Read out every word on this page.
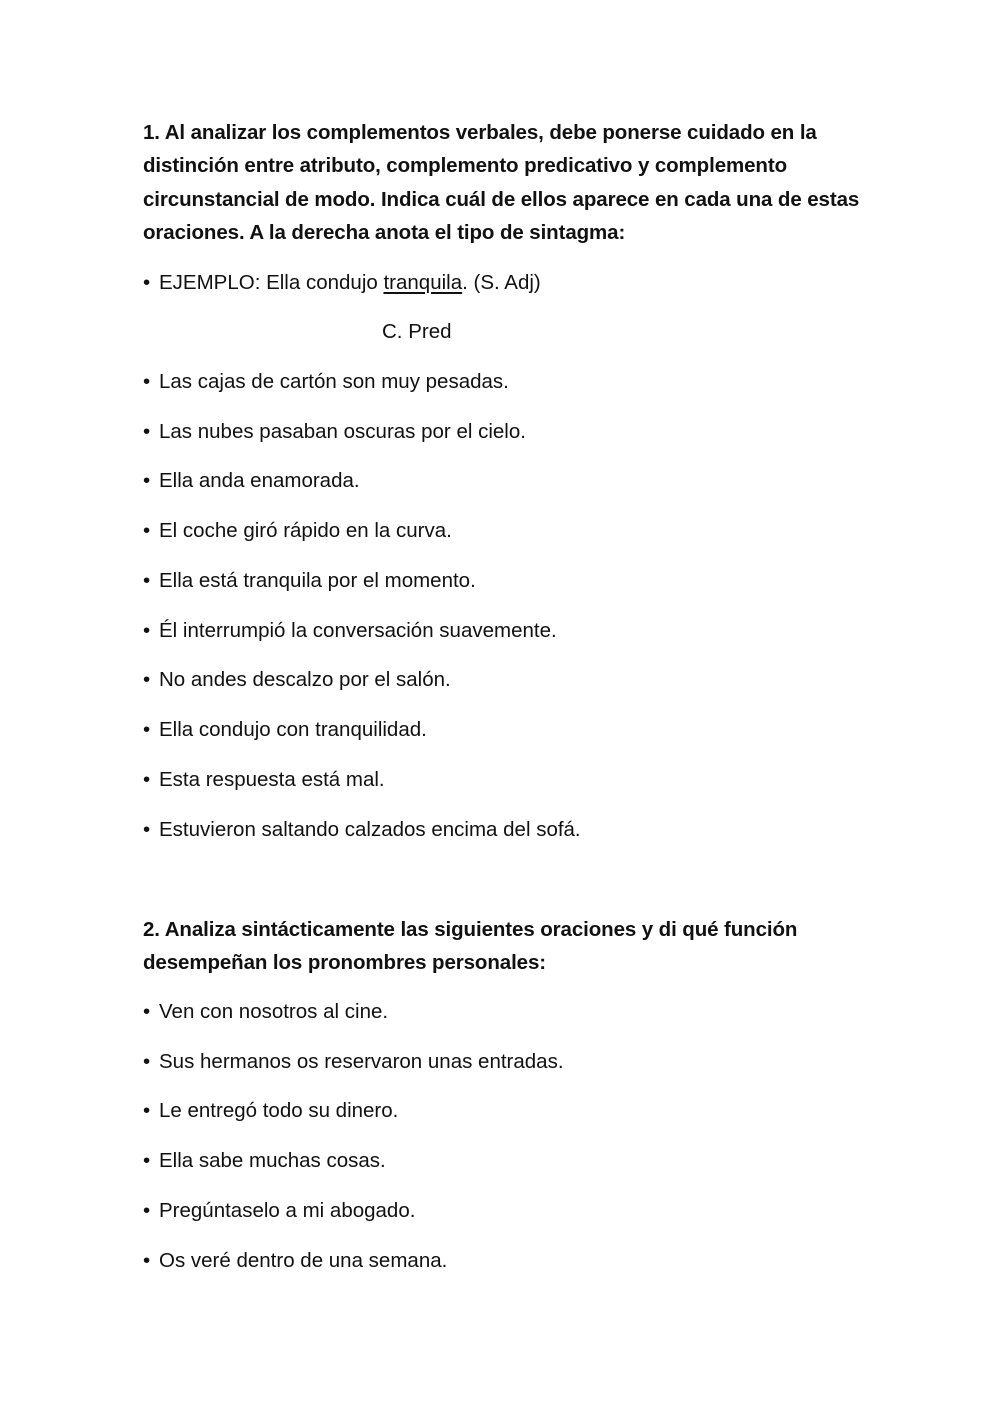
1. Al analizar los complementos verbales, debe ponerse cuidado en la distinción entre atributo, complemento predicativo y complemento circunstancial de modo. Indica cuál de ellos aparece en cada una de estas oraciones. A la derecha anota el tipo de sintagma:
• EJEMPLO: Ella condujo tranquila. (S. Adj)
C. Pred
• Las cajas de cartón son muy pesadas.
• Las nubes pasaban oscuras por el cielo.
• Ella anda enamorada.
• El coche giró rápido en la curva.
• Ella está tranquila por el momento.
• Él interrumpió la conversación suavemente.
• No andes descalzo por el salón.
• Ella condujo con tranquilidad.
• Esta respuesta está mal.
• Estuvieron saltando calzados encima del sofá.
2. Analiza sintácticamente las siguientes oraciones y di qué función desempeñan los pronombres personales:
• Ven con nosotros al cine.
• Sus hermanos os reservaron unas entradas.
• Le entregó todo su dinero.
• Ella sabe muchas cosas.
• Pregúntaselo a mi abogado.
• Os veré dentro de una semana.
